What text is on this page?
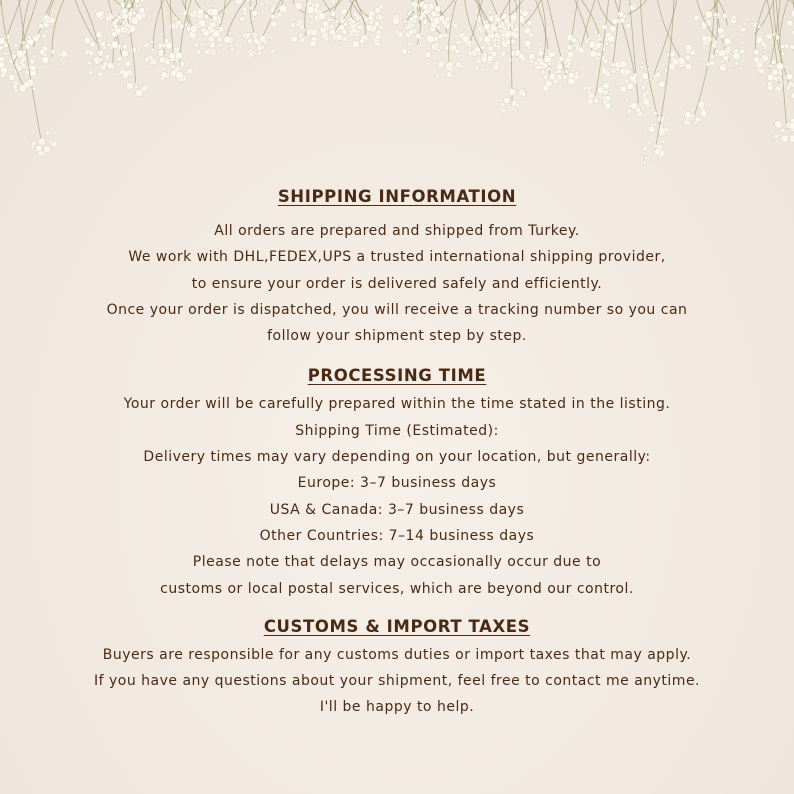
SHIPPING INFORMATION

All orders are prepared and shipped from Turkey.

We work with DHL,FEDEX,UPS a trusted international shipping provider,

to ensure your order is delivered safely and efficiently.

Once your order is dispatched, you will receive a tracking number so you can

follow your shipment step by step.

PROCESSING TIME

Your order will be carefully prepared within the time stated in the listing.

Shipping Time (Estimated):

Delivery times may vary depending on your location, but generally:

Europe: 3–7 business days

USA & Canada: 3–7 business days

Other Countries: 7–14 business days

Please note that delays may occasionally occur due to

customs or local postal services, which are beyond our control.

CUSTOMS & IMPORT TAXES

Buyers are responsible for any customs duties or import taxes that may apply.

If you have any questions about your shipment, feel free to contact me anytime.

I'll be happy to help.
